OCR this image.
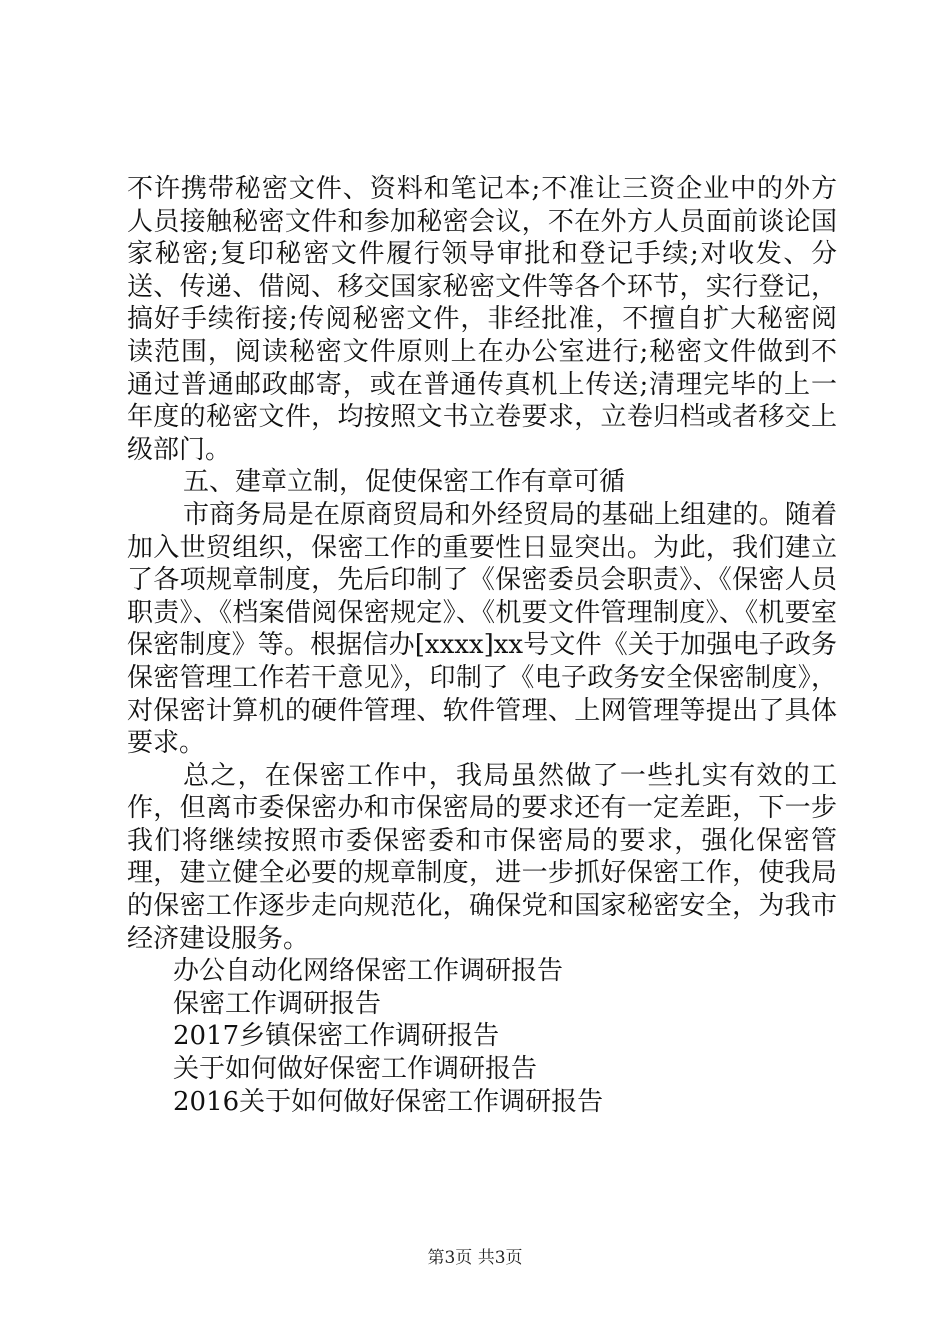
不许携带秘密文件、资料和笔记本;不准让三资企业中的外方人员接触秘密文件和参加秘密会议，不在外方人员面前谈论国家秘密;复印秘密文件履行领导审批和登记手续;对收发、分送、传递、借阅、移交国家秘密文件等各个环节，实行登记，搞好手续衔接;传阅秘密文件，非经批准，不擅自扩大秘密阅读范围，阅读秘密文件原则上在办公室进行;秘密文件做到不通过普通邮政邮寄，或在普通传真机上传送;清理完毕的上一年度的秘密文件，均按照文书立卷要求，立卷归档或者移交上级部门。

五、建章立制，促使保密工作有章可循

市商务局是在原商贸局和外经贸局的基础上组建的。随着加入世贸组织，保密工作的重要性日显突出。为此，我们建立了各项规章制度，先后印制了《保密委员会职责》、《保密人员职责》、《档案借阅保密规定》、《机要文件管理制度》、《机要室保密制度》等。根据信办[xxxx]xx号文件《关于加强电子政务保密管理工作若干意见》，印制了《电子政务安全保密制度》，对保密计算机的硬件管理、软件管理、上网管理等提出了具体要求。

总之，在保密工作中，我局虽然做了一些扎实有效的工作，但离市委保密办和市保密局的要求还有一定差距，下一步我们将继续按照市委保密委和市保密局的要求，强化保密管理，建立健全必要的规章制度，进一步抓好保密工作，使我局的保密工作逐步走向规范化，确保党和国家秘密安全，为我市经济建设服务。

办公自动化网络保密工作调研报告
保密工作调研报告
2017乡镇保密工作调研报告
关于如何做好保密工作调研报告
2016关于如何做好保密工作调研报告
第3页 共3页
